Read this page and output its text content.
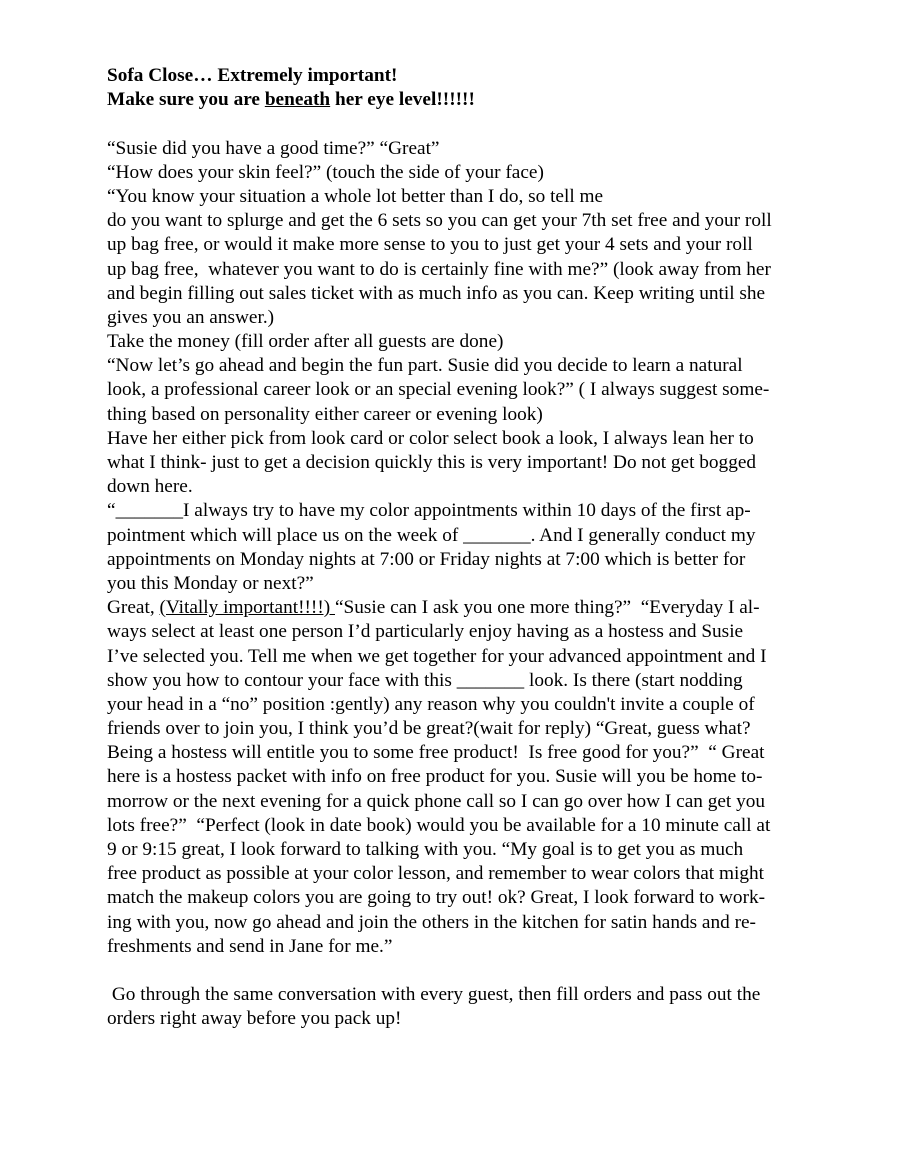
Sofa Close… Extremely important!
Make sure you are beneath her eye level!!!!!!
“Susie did you have a good time?” “Great”
“How does your skin feel?” (touch the side of your face)
“You know your situation a whole lot better than I do, so tell me
do you want to splurge and get the 6 sets so you can get your 7th set free and your roll
up bag free, or would it make more sense to you to just get your 4 sets and your roll
up bag free,  whatever you want to do is certainly fine with me?” (look away from her
and begin filling out sales ticket with as much info as you can. Keep writing until she
gives you an answer.)
Take the money (fill order after all guests are done)
“Now let’s go ahead and begin the fun part. Susie did you decide to learn a natural
look, a professional career look or an special evening look?” ( I always suggest some-
thing based on personality either career or evening look)
Have her either pick from look card or color select book a look, I always lean her to
what I think- just to get a decision quickly this is very important! Do not get bogged
down here.
“_______I always try to have my color appointments within 10 days of the first ap-
pointment which will place us on the week of _______. And I generally conduct my
appointments on Monday nights at 7:00 or Friday nights at 7:00 which is better for
you this Monday or next?”
Great, (Vitally important!!!!) “Susie can I ask you one more thing?”  “Everyday I al-
ways select at least one person I’d particularly enjoy having as a hostess and Susie
I’ve selected you. Tell me when we get together for your advanced appointment and I
show you how to contour your face with this _______ look. Is there (start nodding
your head in a “no” position :gently) any reason why you couldn't invite a couple of
friends over to join you, I think you’d be great?(wait for reply) “Great, guess what?
Being a hostess will entitle you to some free product!  Is free good for you?”  “ Great
here is a hostess packet with info on free product for you. Susie will you be home to-
morrow or the next evening for a quick phone call so I can go over how I can get you
lots free?”  “Perfect (look in date book) would you be available for a 10 minute call at
9 or 9:15 great, I look forward to talking with you. “My goal is to get you as much
free product as possible at your color lesson, and remember to wear colors that might
match the makeup colors you are going to try out! ok? Great, I look forward to work-
ing with you, now go ahead and join the others in the kitchen for satin hands and re-
freshments and send in Jane for me.”
Go through the same conversation with every guest, then fill orders and pass out the
orders right away before you pack up!
